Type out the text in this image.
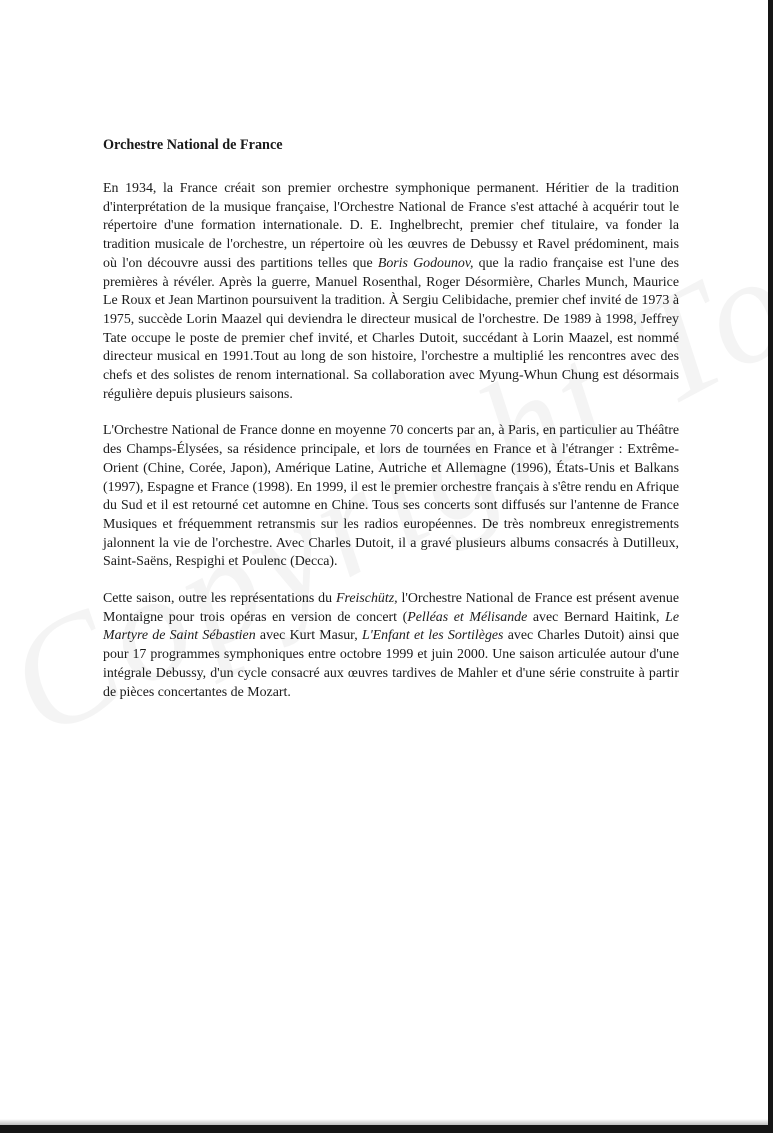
Orchestre National de France

En 1934, la France créait son premier orchestre symphonique permanent. Héritier de la tradition d'interprétation de la musique française, l'Orchestre National de France s'est attaché à acquérir tout le répertoire d'une formation internationale. D. E. Inghelbrecht, premier chef titulaire, va fonder la tradition musicale de l'orchestre, un répertoire où les œuvres de Debussy et Ravel prédominent, mais où l'on découvre aussi des partitions telles que Boris Godounov, que la radio française est l'une des premières à révéler. Après la guerre, Manuel Rosenthal, Roger Désormière, Charles Munch, Maurice Le Roux et Jean Martinon poursuivent la tradition. À Sergiu Celibidache, premier chef invité de 1973 à 1975, succède Lorin Maazel qui deviendra le directeur musical de l'orchestre. De 1989 à 1998, Jeffrey Tate occupe le poste de premier chef invité, et Charles Dutoit, succédant à Lorin Maazel, est nommé directeur musical en 1991.Tout au long de son histoire, l'orchestre a multiplié les rencontres avec des chefs et des solistes de renom international. Sa collaboration avec Myung-Whun Chung est désormais régulière depuis plusieurs saisons.

L'Orchestre National de France donne en moyenne 70 concerts par an, à Paris, en particulier au Théâtre des Champs-Élysées, sa résidence principale, et lors de tournées en France et à l'étranger : Extrême-Orient (Chine, Corée, Japon), Amérique Latine, Autriche et Allemagne (1996), États-Unis et Balkans (1997), Espagne et France (1998). En 1999, il est le premier orchestre français à s'être rendu en Afrique du Sud et il est retourné cet automne en Chine. Tous ses concerts sont diffusés sur l'antenne de France Musiques et fréquemment retransmis sur les radios européennes. De très nombreux enregistrements jalonnent la vie de l'orchestre. Avec Charles Dutoit, il a gravé plusieurs albums consacrés à Dutilleux, Saint-Saëns, Respighi et Poulenc (Decca).

Cette saison, outre les représentations du Freischütz, l'Orchestre National de France est présent avenue Montaigne pour trois opéras en version de concert (Pelléas et Mélisande avec Bernard Haitink, Le Martyre de Saint Sébastien avec Kurt Masur, L'Enfant et les Sortilèges avec Charles Dutoit) ainsi que pour 17 programmes symphoniques entre octobre 1999 et juin 2000. Une saison articulée autour d'une intégrale Debussy, d'un cycle consacré aux œuvres tardives de Mahler et d'une série construite à partir de pièces concertantes de Mozart.
